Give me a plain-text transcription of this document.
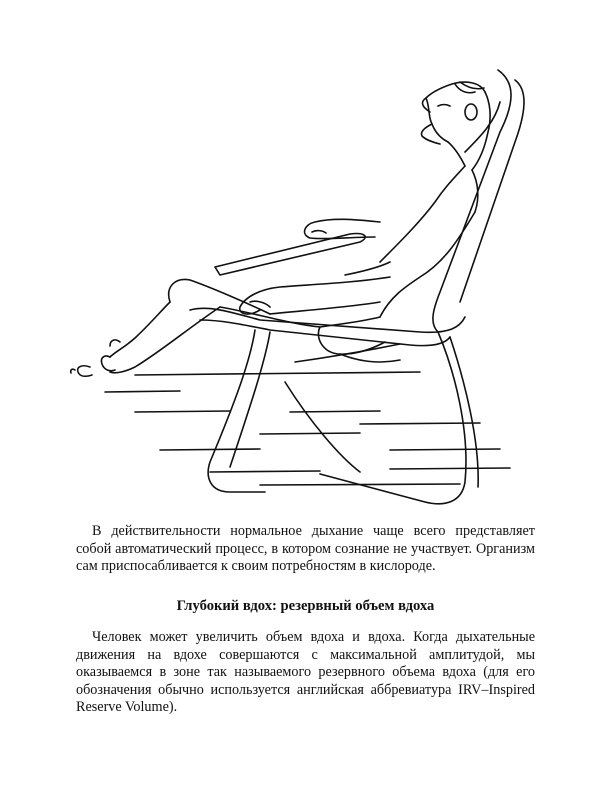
В действительности нормальное дыхание чаще всего представляет собой автоматический процесс, в котором сознание не участвует. Организм сам приспосабливается к своим потребностям в кислороде.

Глубокий вдох: резервный объем вдоха

Человек может увеличить объем вдоха и вдоха. Когда дыхательные движения на вдохе совершаются с максимальной амплитудой, мы оказываемся в зоне так называемого резервного объема вдоха (для его обозначения обычно используется английская аббревиатура IRV–Inspired Reserve Volume).
